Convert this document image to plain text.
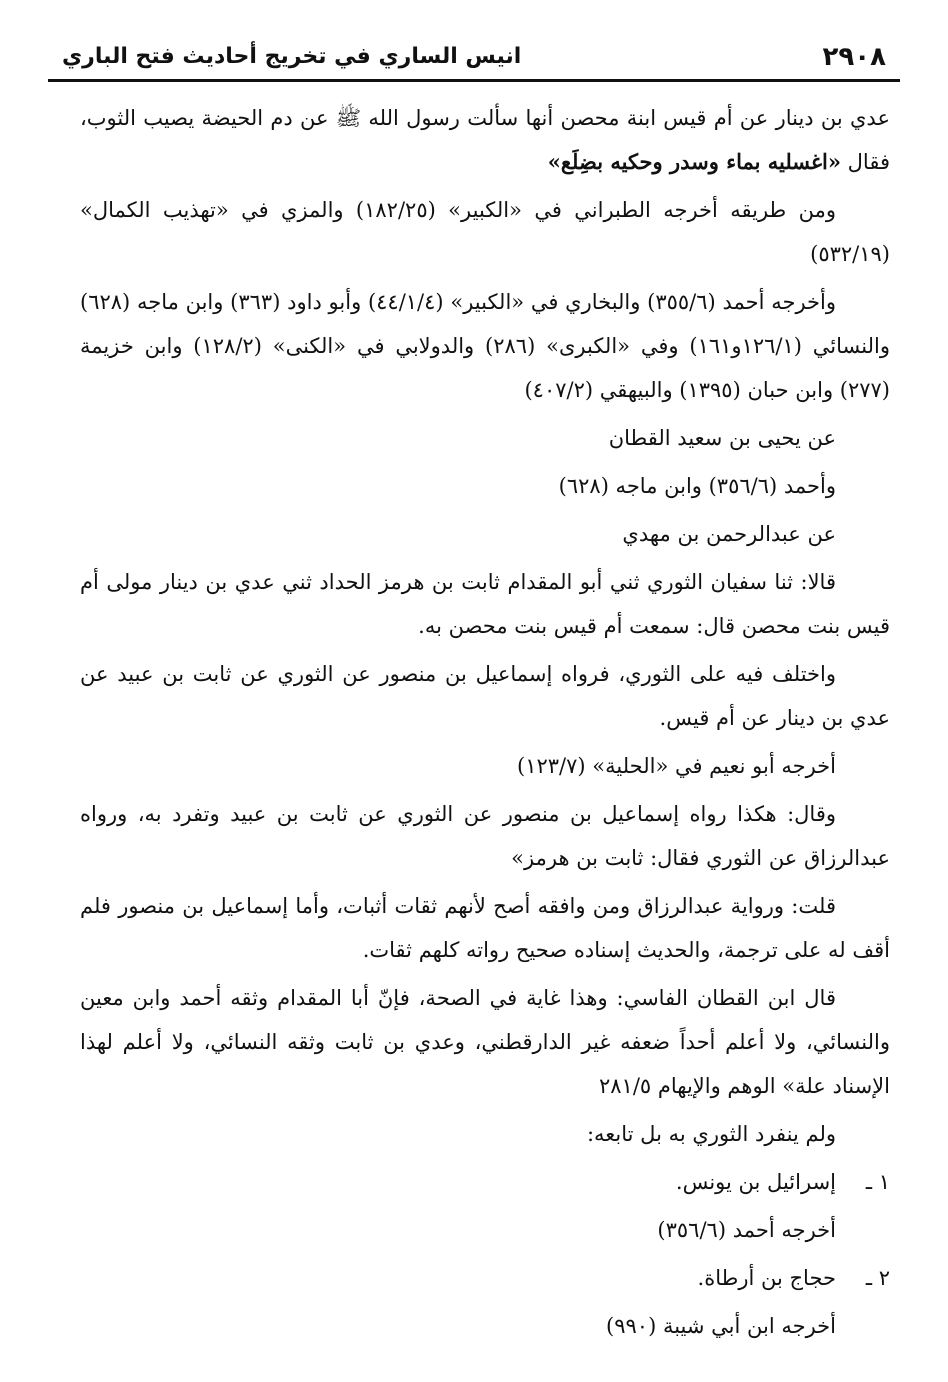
٢٩٠٨
انيس الساري في تخريج أحاديث فتح الباري

عدي بن دينار عن أم قيس ابنة محصن أنها سألت رسول الله ﷺ عن دم الحيضة يصيب الثوب، فقال «اغسليه بماء وسدر وحكيه بضِلَع»

ومن طريقه أخرجه الطبراني في «الكبير» (١٨٢/٢٥) والمزي في «تهذيب الكمال» (٥٣٢/١٩)

وأخرجه أحمد (٣٥٥/٦) والبخاري في «الكبير» (٤٤/١/٤) وأبو داود (٣٦٣) وابن ماجه (٦٢٨) والنسائي (١٢٦/١و١٦١) وفي «الكبرى» (٢٨٦) والدولابي في «الكنى» (١٢٨/٢) وابن خزيمة (٢٧٧) وابن حبان (١٣٩٥) والبيهقي (٤٠٧/٢)

عن يحيى بن سعيد القطان

وأحمد (٣٥٦/٦) وابن ماجه (٦٢٨)

عن عبدالرحمن بن مهدي

قالا: ثنا سفيان الثوري ثني أبو المقدام ثابت بن هرمز الحداد ثني عدي بن دينار مولى أم قيس بنت محصن قال: سمعت أم قيس بنت محصن به.

واختلف فيه على الثوري، فرواه إسماعيل بن منصور عن الثوري عن ثابت بن عبيد عن عدي بن دينار عن أم قيس.

أخرجه أبو نعيم في «الحلية» (١٢٣/٧)

وقال: هكذا رواه إسماعيل بن منصور عن الثوري عن ثابت بن عبيد وتفرد به، ورواه عبدالرزاق عن الثوري فقال: ثابت بن هرمز»

قلت: ورواية عبدالرزاق ومن وافقه أصح لأنهم ثقات أثبات، وأما إسماعيل بن منصور فلم أقف له على ترجمة، والحديث إسناده صحيح رواته كلهم ثقات.

قال ابن القطان الفاسي: وهذا غاية في الصحة، فإنّ أبا المقدام وثقه أحمد وابن معين والنسائي، ولا أعلم أحداً ضعفه غير الدارقطني، وعدي بن ثابت وثقه النسائي، ولا أعلم لهذا الإسناد علة» الوهم والإيهام ٢٨١/٥

ولم ينفرد الثوري به بل تابعه:

١ ـ
إسرائيل بن يونس.

أخرجه أحمد (٣٥٦/٦)

٢ ـ
حجاج بن أرطاة.

أخرجه ابن أبي شيبة (٩٩٠)
